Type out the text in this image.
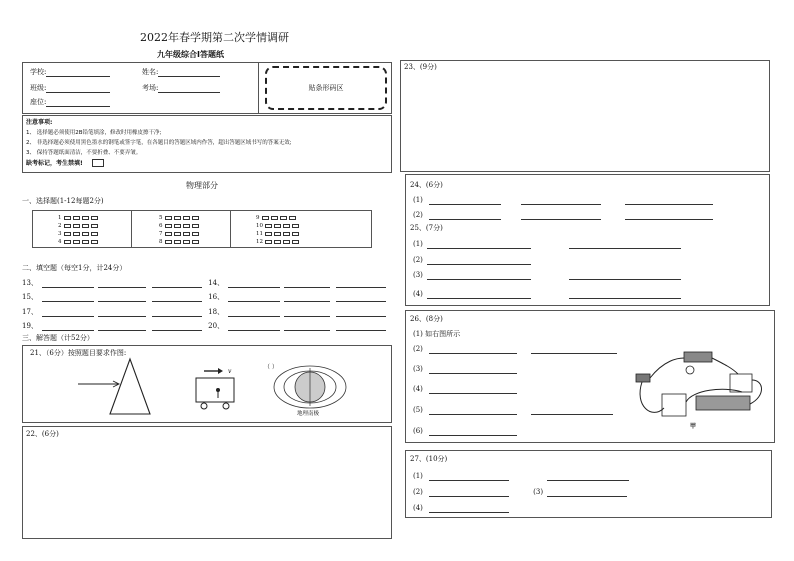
2022年春学期第二次学情调研
九年级综合Ⅰ答题纸
学校:	姓名:
班级:	考场:
座位:
贴条形码区
注意事项:
1、 选择题必须使用2B铅笔填涂，修改时用橡皮擦干净;
2、 非选择题必须使用黑色墨水的钢笔或签字笔，在各题目的答题区域内作答，超出答题区域书写的答案无效;
3、 保持答题纸面清洁，不要折叠、不要弄皱。
缺考标记，考生禁填!
物理部分
一、选择题(1-12每题2分)
1
2
3
4
5
6
7
8
9
10
11
12
二、填空题（每空1分，计24分）
13、	14、
15、	16、
17、	18、
19、	20、
三、解答题（计52分）
21、（6分）按照题目要求作图:
v
（ ）
地理南极
22、(6分)
23、(9分)
24、(6分)
(1)
(2)
25、(7分)
(1)
(2)
(3)
(4)
26、(8分)
(1) 如右图所示
(2)
(3)
(4)
(5)
(6)
甲
27、(10分)
(1)
(2)	(3)
(4)
